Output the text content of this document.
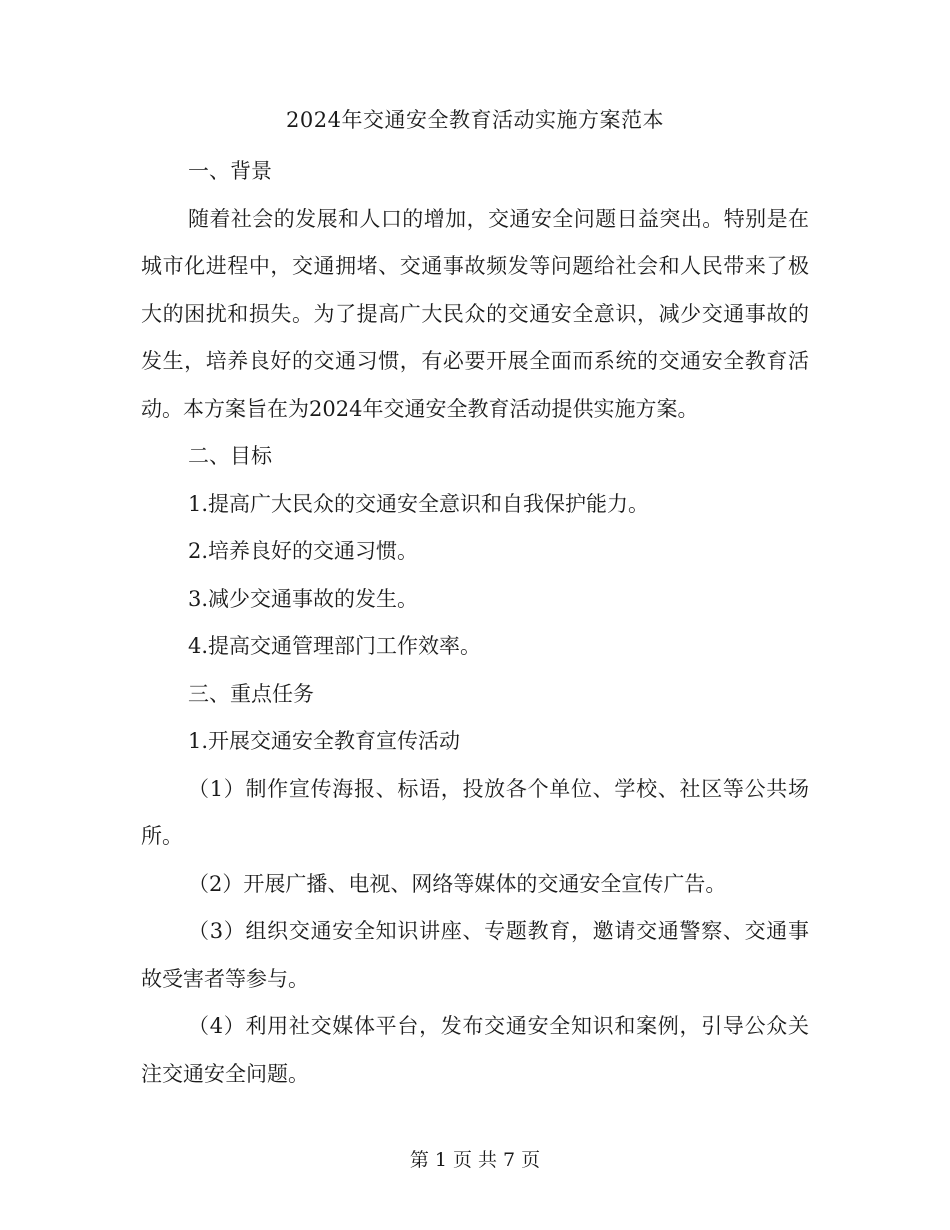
2024年交通安全教育活动实施方案范本

一、背景

随着社会的发展和人口的增加，交通安全问题日益突出。特别是在城市化进程中，交通拥堵、交通事故频发等问题给社会和人民带来了极大的困扰和损失。为了提高广大民众的交通安全意识，减少交通事故的发生，培养良好的交通习惯，有必要开展全面而系统的交通安全教育活动。本方案旨在为2024年交通安全教育活动提供实施方案。

二、目标

1.提高广大民众的交通安全意识和自我保护能力。

2.培养良好的交通习惯。

3.减少交通事故的发生。

4.提高交通管理部门工作效率。

三、重点任务

1.开展交通安全教育宣传活动

（1）制作宣传海报、标语，投放各个单位、学校、社区等公共场所。

（2）开展广播、电视、网络等媒体的交通安全宣传广告。

（3）组织交通安全知识讲座、专题教育，邀请交通警察、交通事故受害者等参与。

（4）利用社交媒体平台，发布交通安全知识和案例，引导公众关注交通安全问题。

第 1 页 共 7 页
